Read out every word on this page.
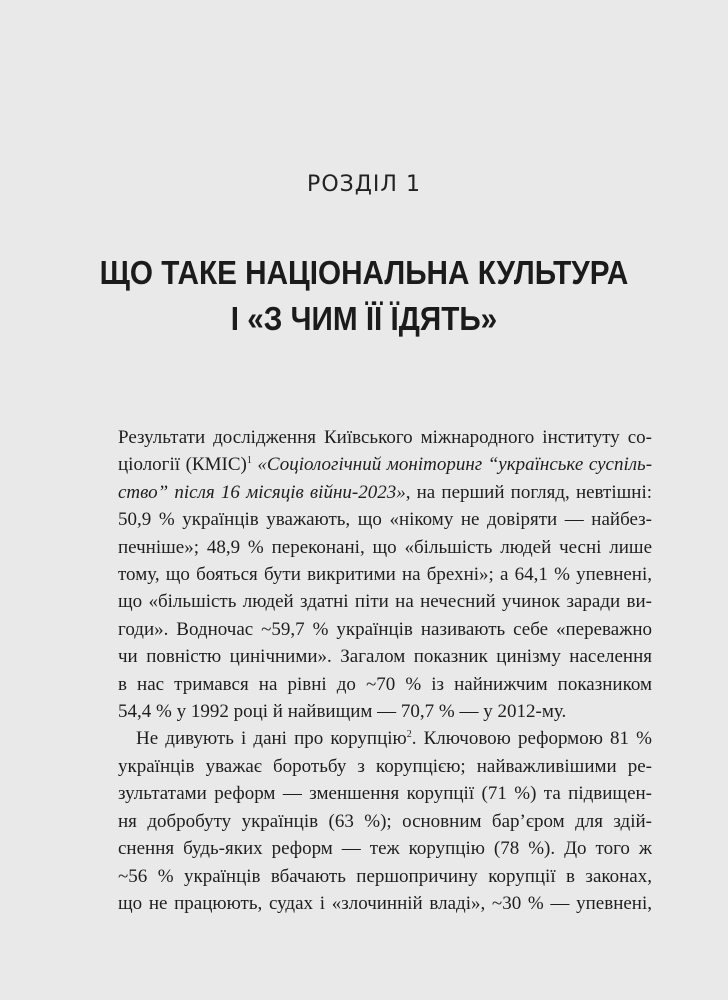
РОЗДІЛ 1
ЩО ТАКЕ НАЦІОНАЛЬНА КУЛЬТУРА
І «З ЧИМ ЇЇ ЇДЯТЬ»
Результати дослідження Київського міжнародного інституту со-
ціології (КМІС)$^1$ «Соціологічний моніторинг “українське суспіль-
ство” після 16 місяців війни-2023», на перший погляд, невтішні:
50,9 % українців уважають, що «нікому не довіряти — найбез-
печніше»; 48,9 % переконані, що «більшість людей чесні лише
тому, що бояться бути викритими на брехні»; а 64,1 % упевнені,
що «більшість людей здатні піти на нечесний учинок заради ви-
годи». Водночас ~59,7 % українців називають себе «переважно
чи повністю цинічними». Загалом показник цинізму населення
в нас тримався на рівні до ~70 % із найнижчим показником
54,4 % у 1992 році й найвищим — 70,7 % — у 2012-му.
Не дивують і дані про корупцію$^2$. Ключовою реформою 81 %
українців уважає боротьбу з корупцією; найважливішими ре-
зультатами реформ — зменшення корупції (71 %) та підвищен-
ня добробуту українців (63 %); основним бар’єром для здій-
снення будь-яких реформ — теж корупцію (78 %). До того ж
~56 % українців вбачають першопричину корупції в законах,
що не працюють, судах і «злочинній владі», ~30 % — упевнені,
